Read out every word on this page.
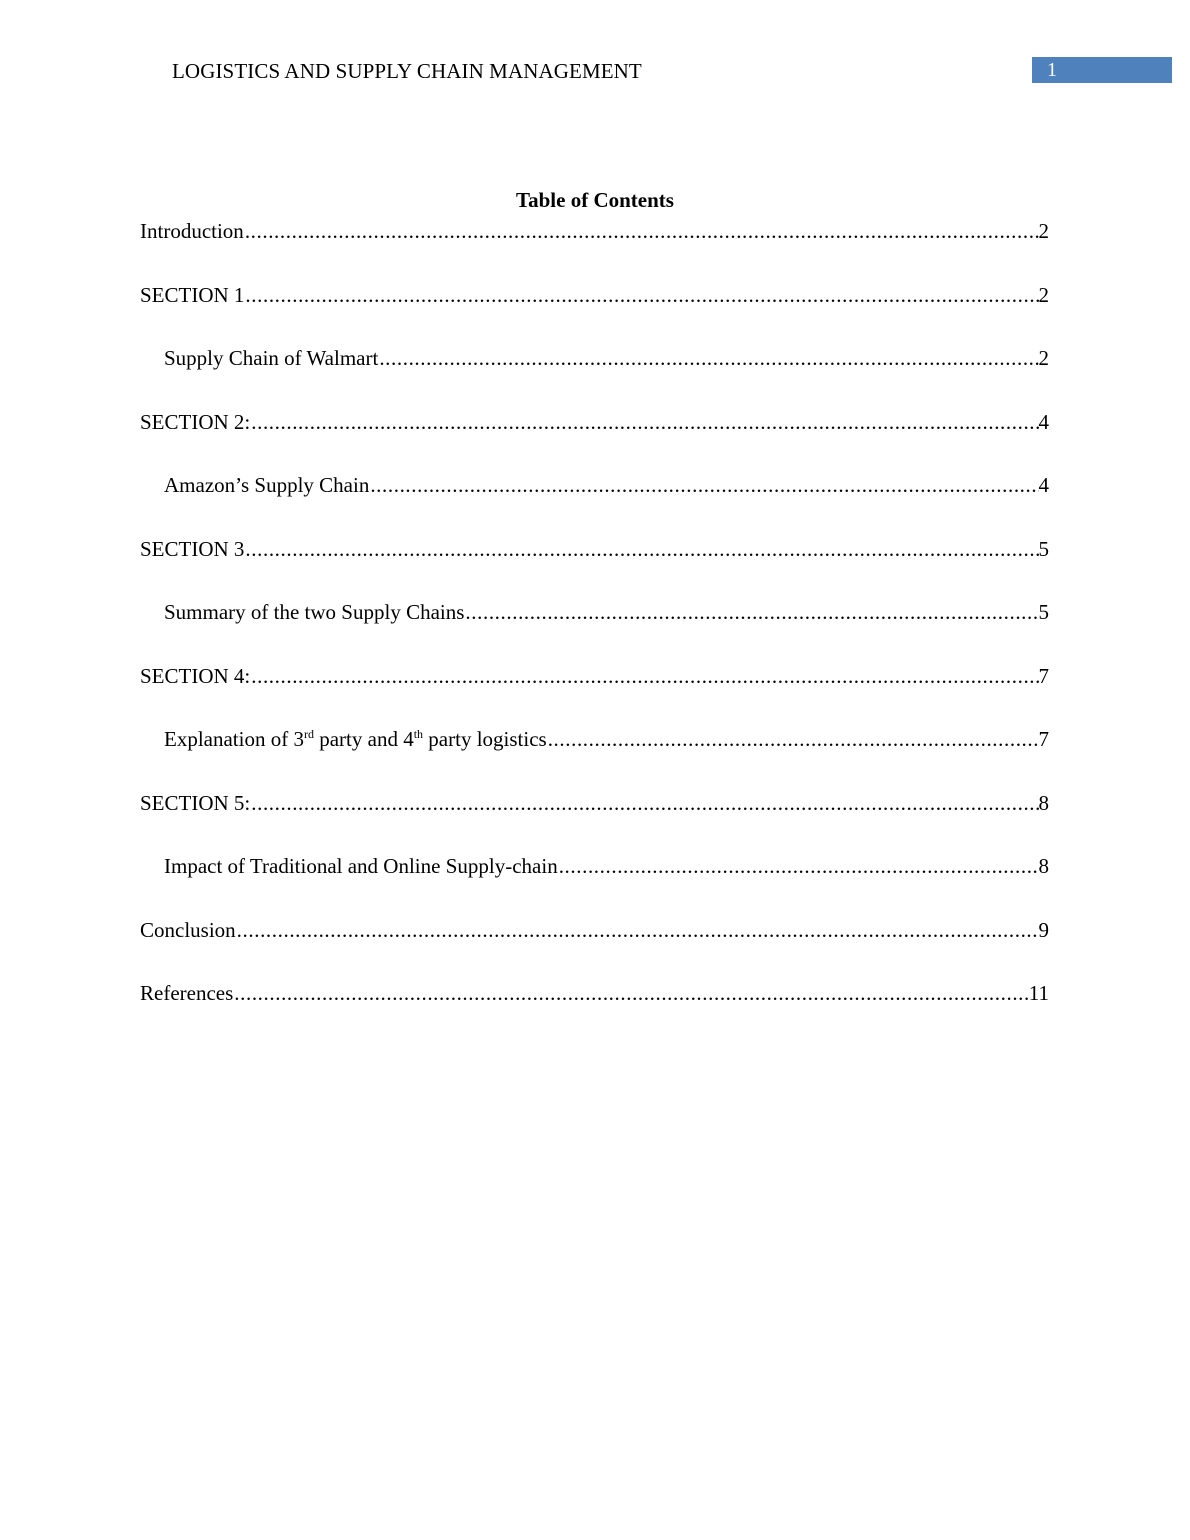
LOGISTICS AND SUPPLY CHAIN MANAGEMENT	1
Table of Contents
Introduction .....	2
SECTION 1 .....	2
Supply Chain of Walmart .....	2
SECTION 2: .....	4
Amazon’s Supply Chain .....	4
SECTION 3 .....	5
Summary of the two Supply Chains .....	5
SECTION 4: .....	7
Explanation of 3rd party and 4th party logistics .....	7
SECTION 5: .....	8
Impact of Traditional and Online Supply-chain .....	8
Conclusion .....	9
References .....	11
